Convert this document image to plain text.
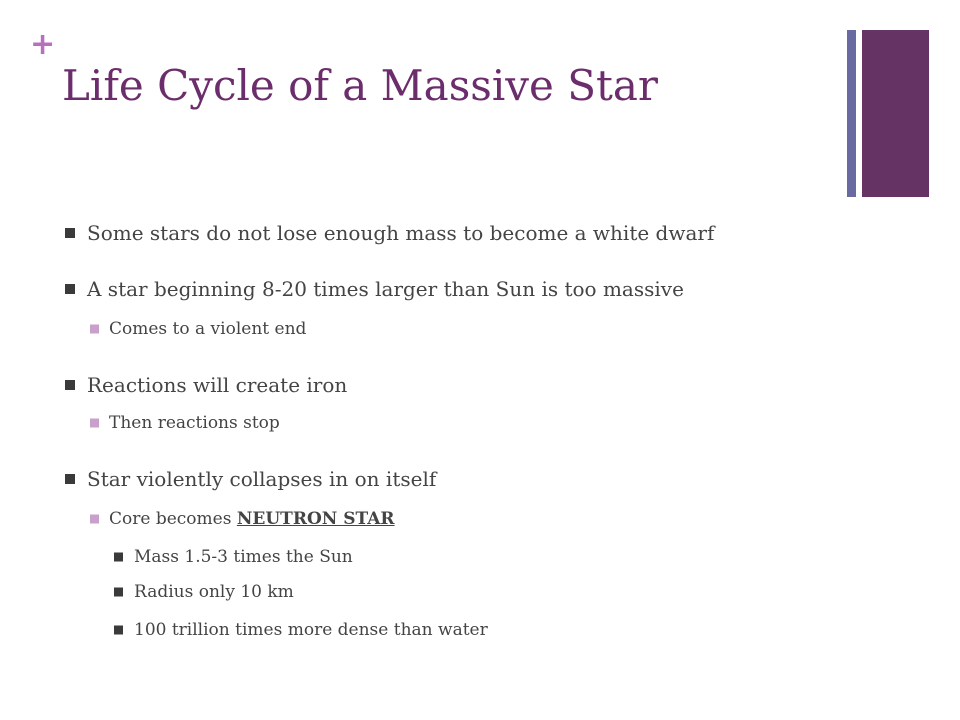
+
Life Cycle of a Massive Star
Some stars do not lose enough mass to become a white dwarf
A star beginning 8-20 times larger than Sun is too massive
Comes to a violent end
Reactions will create iron
Then reactions stop
Star violently collapses in on itself
Core becomes NEUTRON STAR
Mass 1.5-3 times the Sun
Radius only 10 km
100 trillion times more dense than water
